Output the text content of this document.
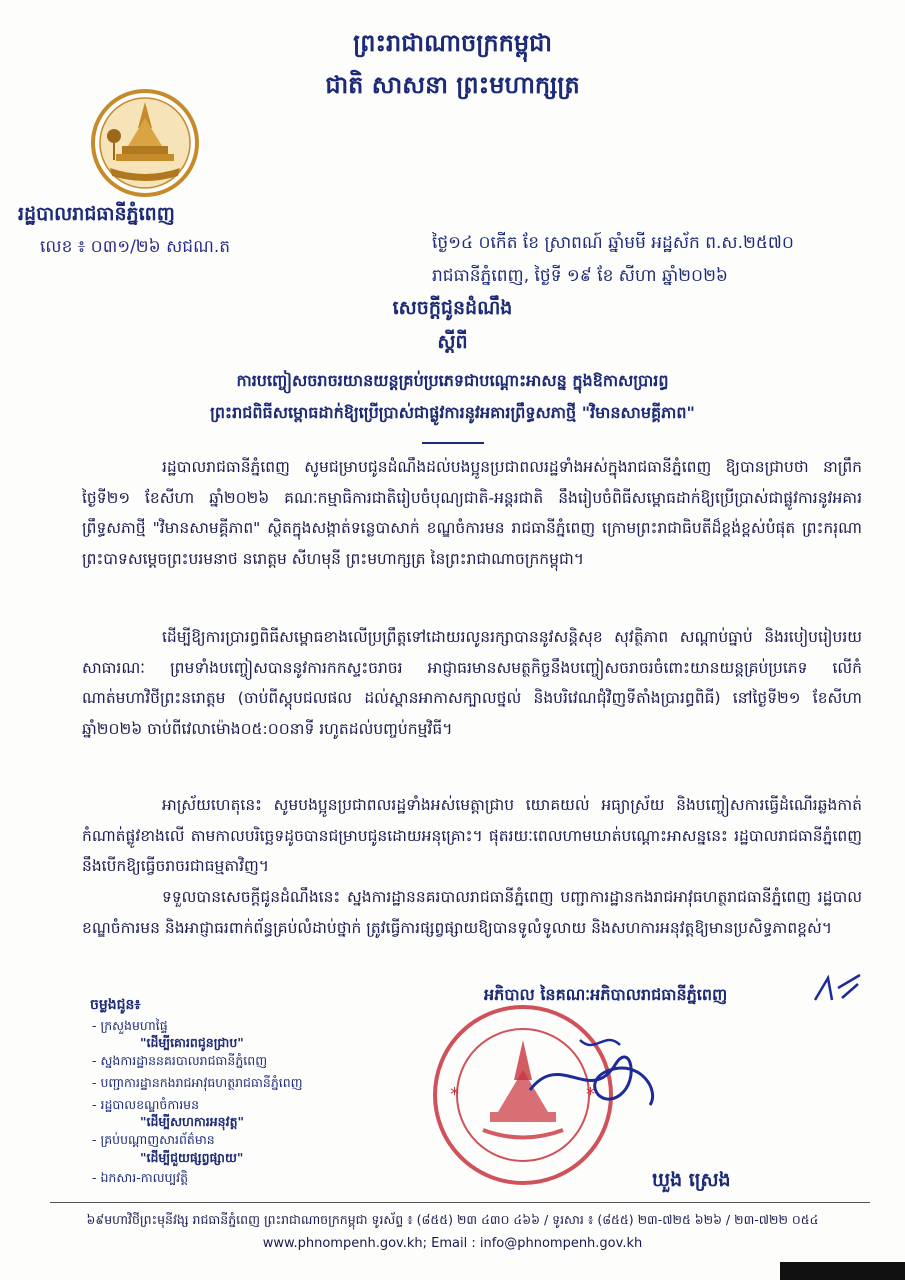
ព្រះរាជាណាចក្រកម្ពុជា
ជាតិ សាសនា ព្រះមហាក្សត្រ
រដ្ឋបាលរាជធានីភ្នំពេញ
លេខ ៖ ០៣១/២៦ សជណ.ត	ថ្ងៃ១៤ ០កើត ខែ ស្រាពណ៍ ឆ្នាំមមី អដ្ឋស័ក ព.ស.២៥៧០
រាជធានីភ្នំពេញ, ថ្ងៃទី ១៩ ខែ សីហា ឆ្នាំ២០២៦
សេចក្ដីជូនដំណឹង
ស្ដីពី
ការបញ្ចៀសចរាចរយានយន្តគ្រប់ប្រភេទជាបណ្ដោះអាសន្ន ក្នុងឱកាសប្រារព្ធ
ព្រះរាជពិធីសម្ពោធដាក់ឱ្យប្រើប្រាស់ជាផ្លូវការនូវអគារព្រឹទ្ធសភាថ្មី "វិមានសាមគ្គីភាព"
រដ្ឋបាលរាជធានីភ្នំពេញ សូមជម្រាបជូនដំណឹងដល់បងប្អូនប្រជាពលរដ្ឋទាំងអស់ក្នុងរាជធានីភ្នំពេញ ឱ្យបានជ្រាបថា នាព្រឹកថ្ងៃទី២១ ខែសីហា ឆ្នាំ២០២៦ គណៈកម្មាធិការជាតិរៀបចំបុណ្យជាតិ-អន្តរជាតិ នឹងរៀបចំពិធីសម្ពោធដាក់ឱ្យប្រើប្រាស់ជាផ្លូវការនូវអគារព្រឹទ្ធសភាថ្មី "វិមានសាមគ្គីភាព" ស្ថិតក្នុងសង្កាត់ទន្លេបាសាក់ ខណ្ឌចំការមន រាជធានីភ្នំពេញ ក្រោមព្រះរាជាធិបតីដ៏ខ្ពង់ខ្ពស់បំផុត ព្រះករុណា ព្រះបាទសម្ដេចព្រះបរមនាថ នរោត្តម សីហមុនី ព្រះមហាក្សត្រ នៃព្រះរាជាណាចក្រកម្ពុជា។
ដើម្បីឱ្យការប្រារព្ធពិធីសម្ពោធខាងលើប្រព្រឹត្តទៅដោយរលូនរក្សាបាននូវសន្តិសុខ សុវត្ថិភាព សណ្ដាប់ធ្នាប់ និងរបៀបរៀបរយសាធារណៈ ព្រមទាំងបញ្ចៀសបាននូវការកកស្ទះចរាចរ អាជ្ញាធរមានសមត្ថកិច្ចនឹងបញ្ចៀសចរាចរចំពោះយានយន្តគ្រប់ប្រភេទ លើកំណាត់មហាវិថីព្រះនរោត្តម (ចាប់ពីស្តុបជលផល ដល់ស្ពានអាកាសក្បាលថ្នល់ និងបរិវេណជុំវិញទីតាំងប្រារព្ធពិធី) នៅថ្ងៃទី២១ ខែសីហា ឆ្នាំ២០២៦ ចាប់ពីវេលាម៉ោង០៥:០០នាទី រហូតដល់បញ្ចប់កម្មវិធី។
អាស្រ័យហេតុនេះ សូមបងប្អូនប្រជាពលរដ្ឋទាំងអស់មេត្តាជ្រាប យោគយល់ អធ្យាស្រ័យ និងបញ្ចៀសការធ្វើដំណើរឆ្លងកាត់កំណាត់ផ្លូវខាងលើ តាមកាលបរិច្ឆេទដូចបានជម្រាបជូនដោយអនុគ្រោះ។ ផុតរយៈពេលហាមឃាត់បណ្ដោះអាសន្ននេះ រដ្ឋបាលរាជធានីភ្នំពេញ នឹងបើកឱ្យធ្វើចរាចរជាធម្មតាវិញ។
ទទួលបានសេចក្ដីជូនដំណឹងនេះ ស្នងការដ្ឋាននគរបាលរាជធានីភ្នំពេញ បញ្ជាការដ្ឋានកងរាជអាវុធហត្ថរាជធានីភ្នំពេញ រដ្ឋបាលខណ្ឌចំការមន និងអាជ្ញាធរពាក់ព័ន្ធគ្រប់លំដាប់ថ្នាក់ ត្រូវធ្វើការផ្សព្វផ្សាយឱ្យបានទូលំទូលាយ និងសហការអនុវត្តឱ្យមានប្រសិទ្ធភាពខ្ពស់។
ចម្លងជូន៖
- ក្រសួងមហាផ្ទៃ
"ដើម្បីគោរពជូនជ្រាប"
- ស្នងការដ្ឋាននគរបាលរាជធានីភ្នំពេញ
- បញ្ជាការដ្ឋានកងរាជអាវុធហត្ថរាជធានីភ្នំពេញ
- រដ្ឋបាលខណ្ឌចំការមន
"ដើម្បីសហការអនុវត្ត"
- គ្រប់បណ្ដាញសារព័ត៌មាន
"ដើម្បីជួយផ្សព្វផ្សាយ"
- ឯកសារ-កាលប្បវត្តិ
អភិបាល នៃគណៈអភិបាលរាជធានីភ្នំពេញ
*	*
ឃួង ស្រេង
៦៩មហាវិថីព្រះមុនីវង្ស រាជធានីភ្នំពេញ ព្រះរាជាណាចក្រកម្ពុជា ទូរស័ព្ទ ៖ (៨៥៥) ២៣ ៤៣០ ៤៦៦ / ទូរសារ ៖ (៨៥៥) ២៣-៧២៥ ៦២៦ / ២៣-៧២២ ០៥៤
www.phnompenh.gov.kh; Email : info@phnompenh.gov.kh
